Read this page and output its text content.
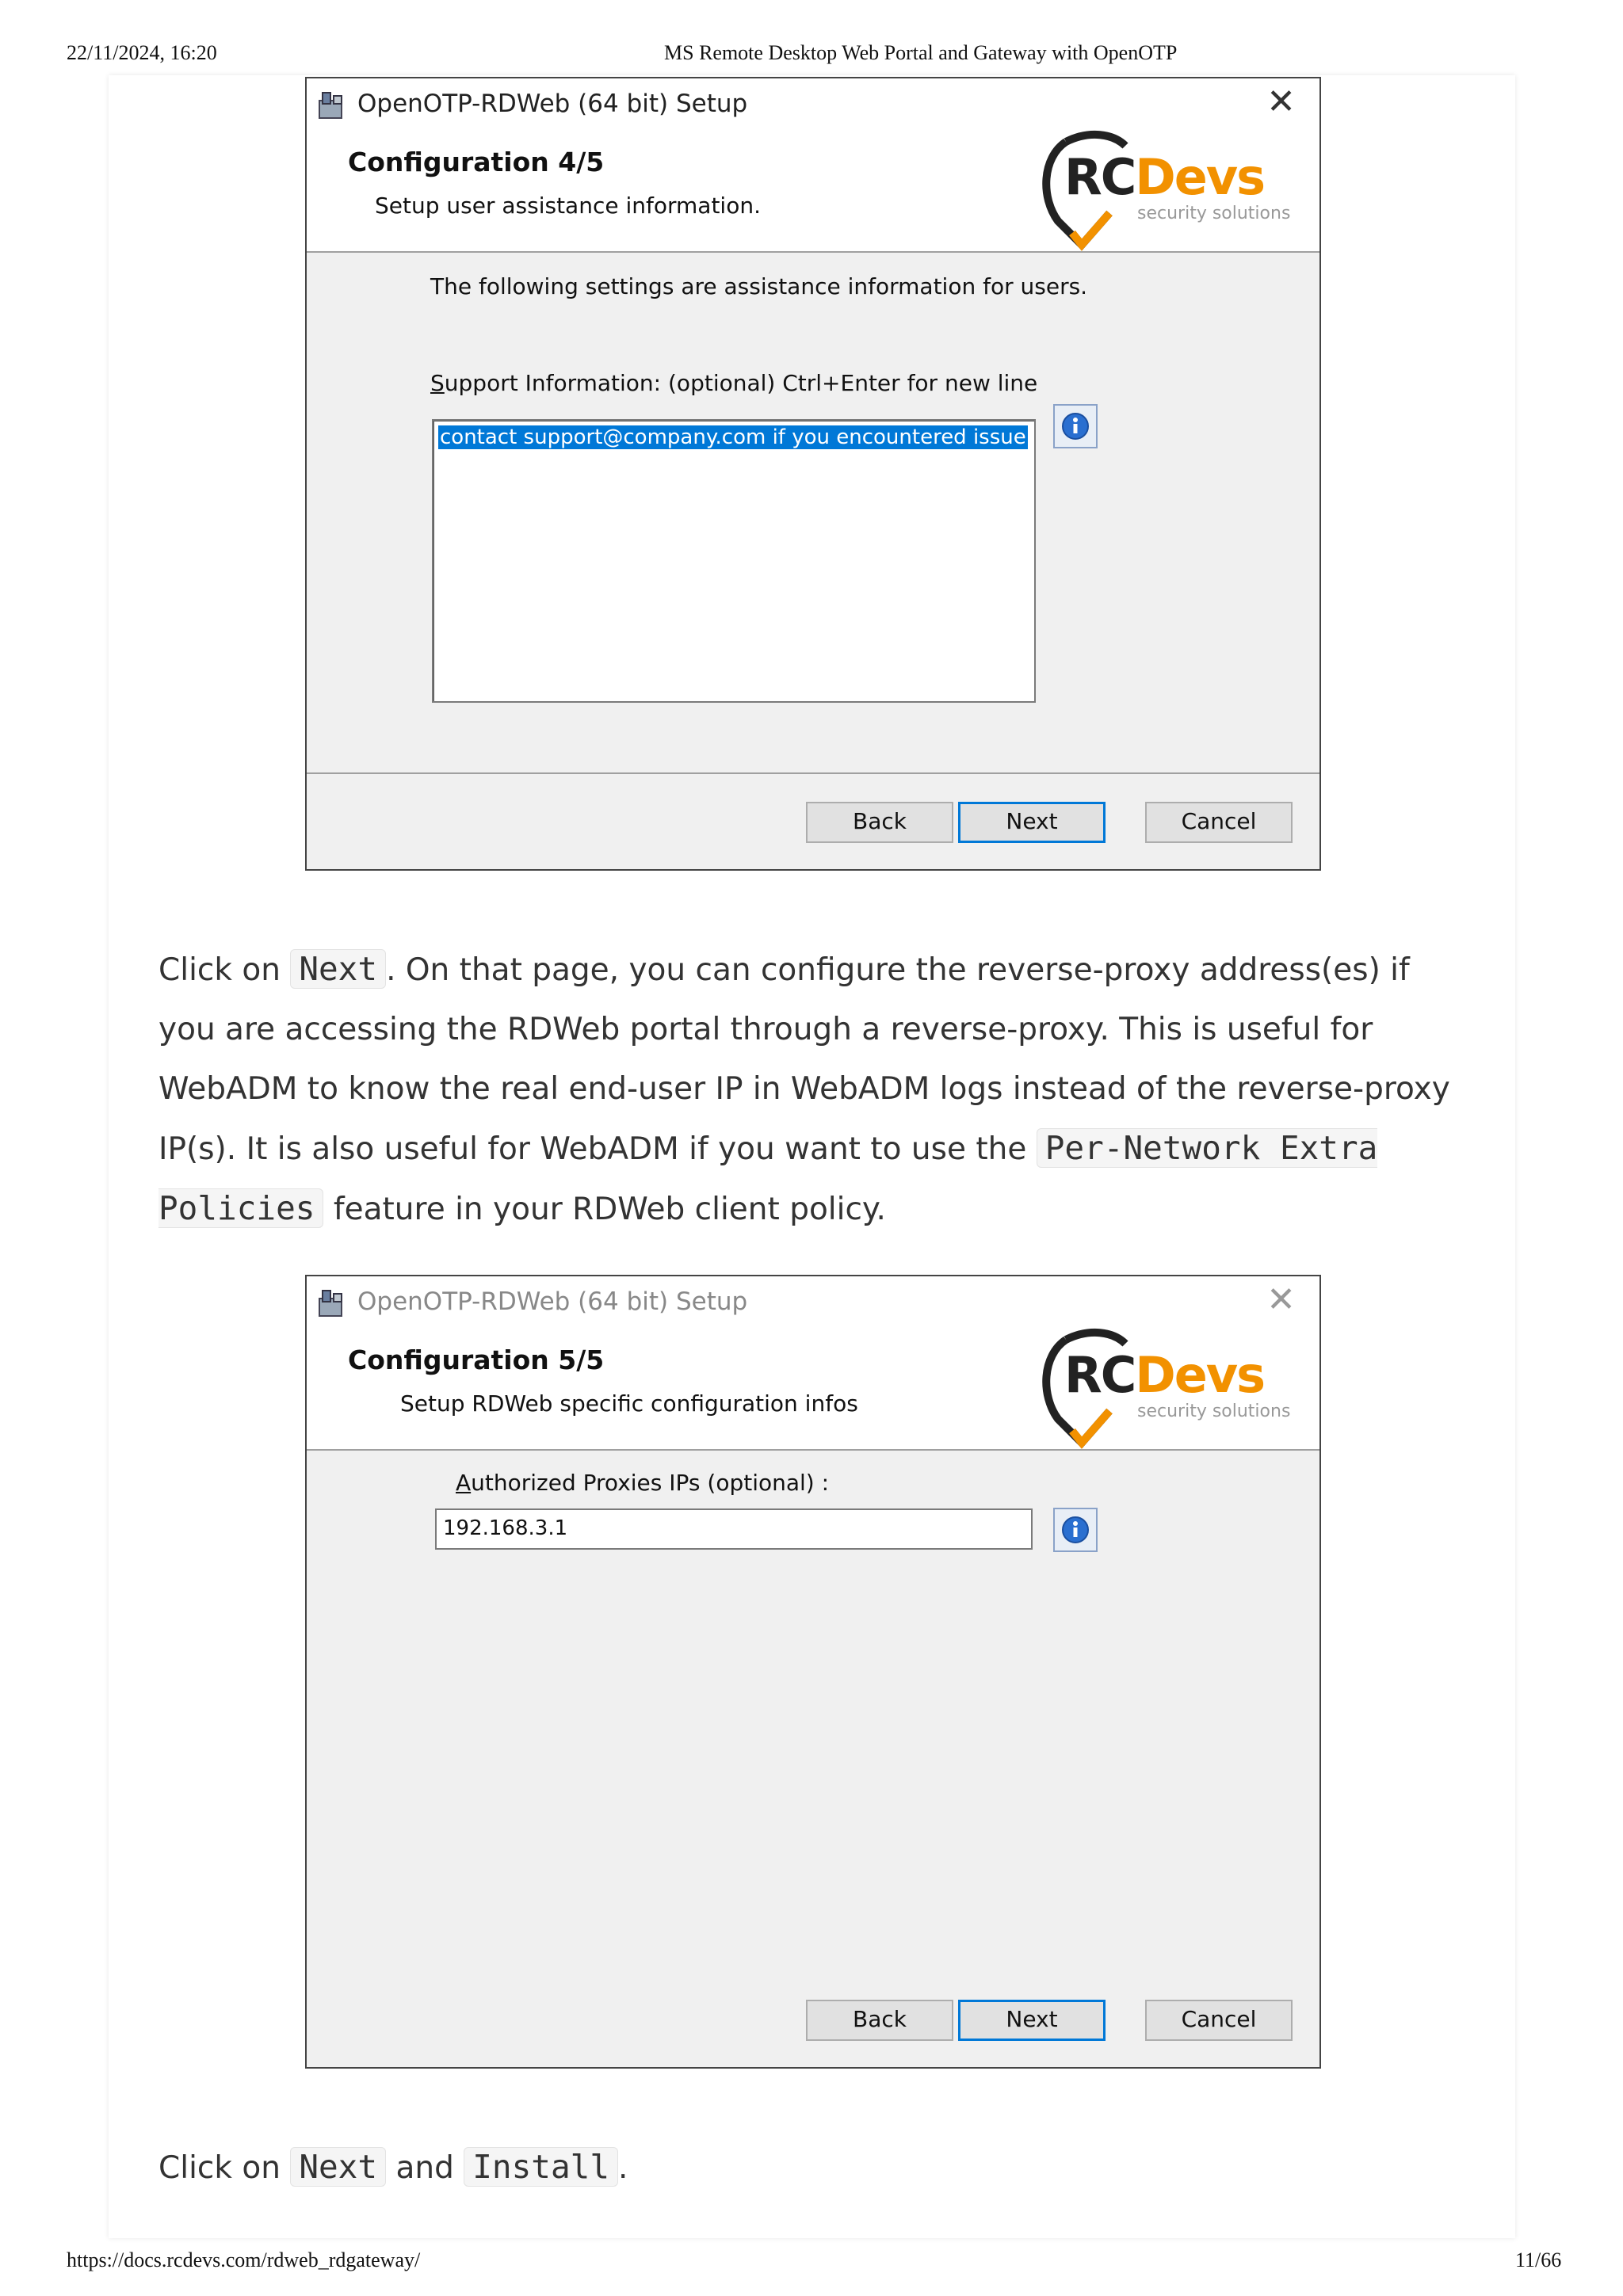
22/11/2024, 16:20	MS Remote Desktop Web Portal and Gateway with OpenOTP
OpenOTP-RDWeb (64 bit) Setup	✕
Configuration 4/5
Setup user assistance information.	RCDevs
security solutions
The following settings are assistance information for users.
Support Information: (optional) Ctrl+Enter for new line
contact support@company.com if you encountered issue
Back	Next	Cancel
Click on Next . On that page, you can configure the reverse-proxy address(es) if you are accessing the RDWeb portal through a reverse-proxy. This is useful for WebADM to know the real end-user IP in WebADM logs instead of the reverse-proxy IP(s). It is also useful for WebADM if you want to use the Per-Network Extra Policies feature in your RDWeb client policy.
OpenOTP-RDWeb (64 bit) Setup	✕
Configuration 5/5
Setup RDWeb specific configuration infos	RCDevs
security solutions
Authorized Proxies IPs (optional) :
192.168.3.1
Back	Next	Cancel
Click on Next and Install .
https://docs.rcdevs.com/rdweb_rdgateway/	11/66
